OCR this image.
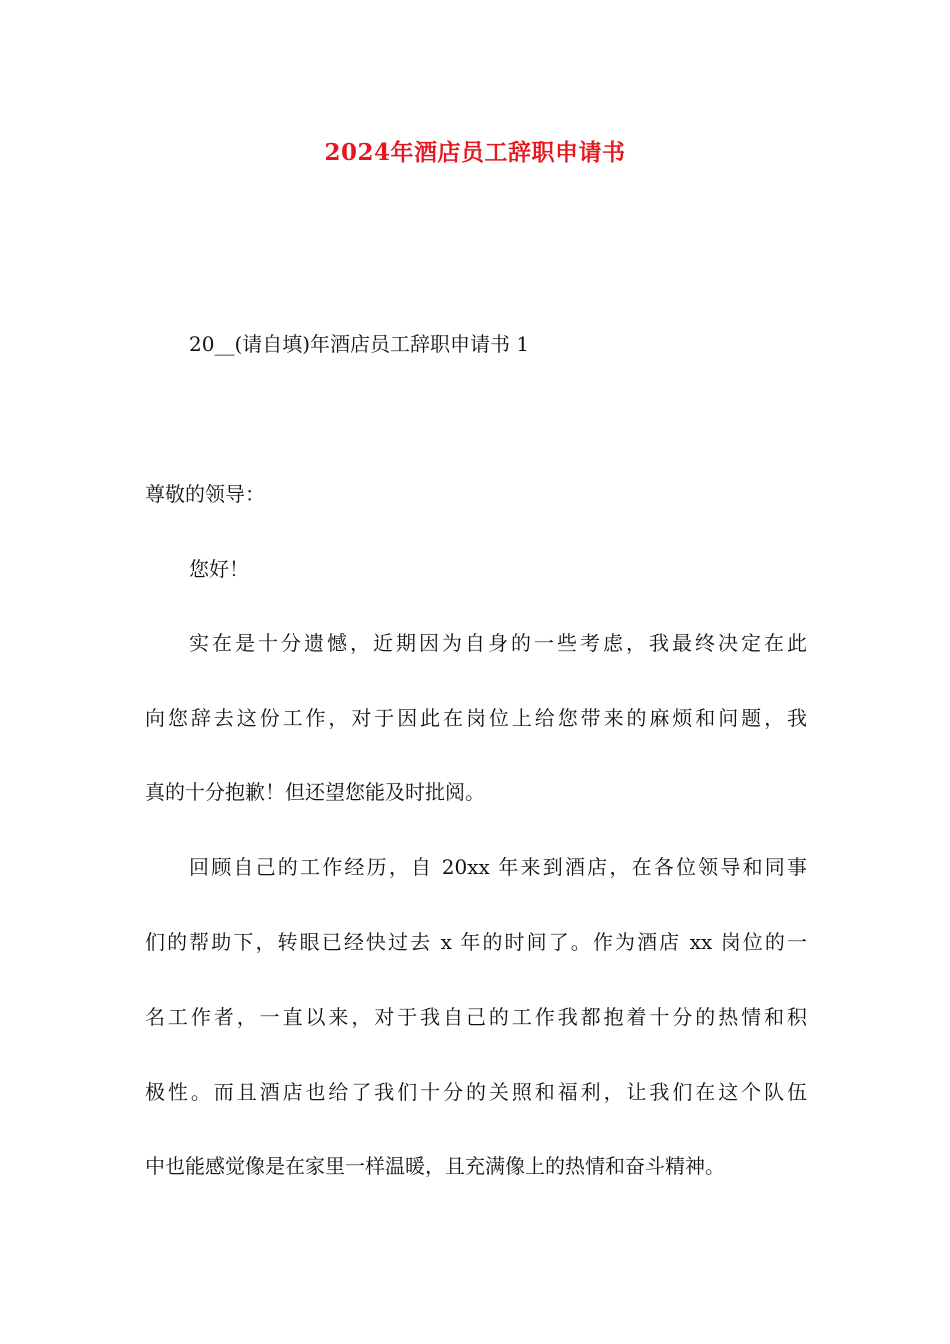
2024年酒店员工辞职申请书
20__(请自填)年酒店员工辞职申请书 1
尊敬的领导：
您好！
实在是十分遗憾，近期因为自身的一些考虑，我最终决定在此
向您辞去这份工作，对于因此在岗位上给您带来的麻烦和问题，我
真的十分抱歉！但还望您能及时批阅。
回顾自己的工作经历，自 20xx 年来到酒店，在各位领导和同事
们的帮助下，转眼已经快过去 x 年的时间了。作为酒店 xx 岗位的一
名工作者，一直以来，对于我自己的工作我都抱着十分的热情和积
极性。而且酒店也给了我们十分的关照和福利，让我们在这个队伍
中也能感觉像是在家里一样温暖，且充满像上的热情和奋斗精神。
